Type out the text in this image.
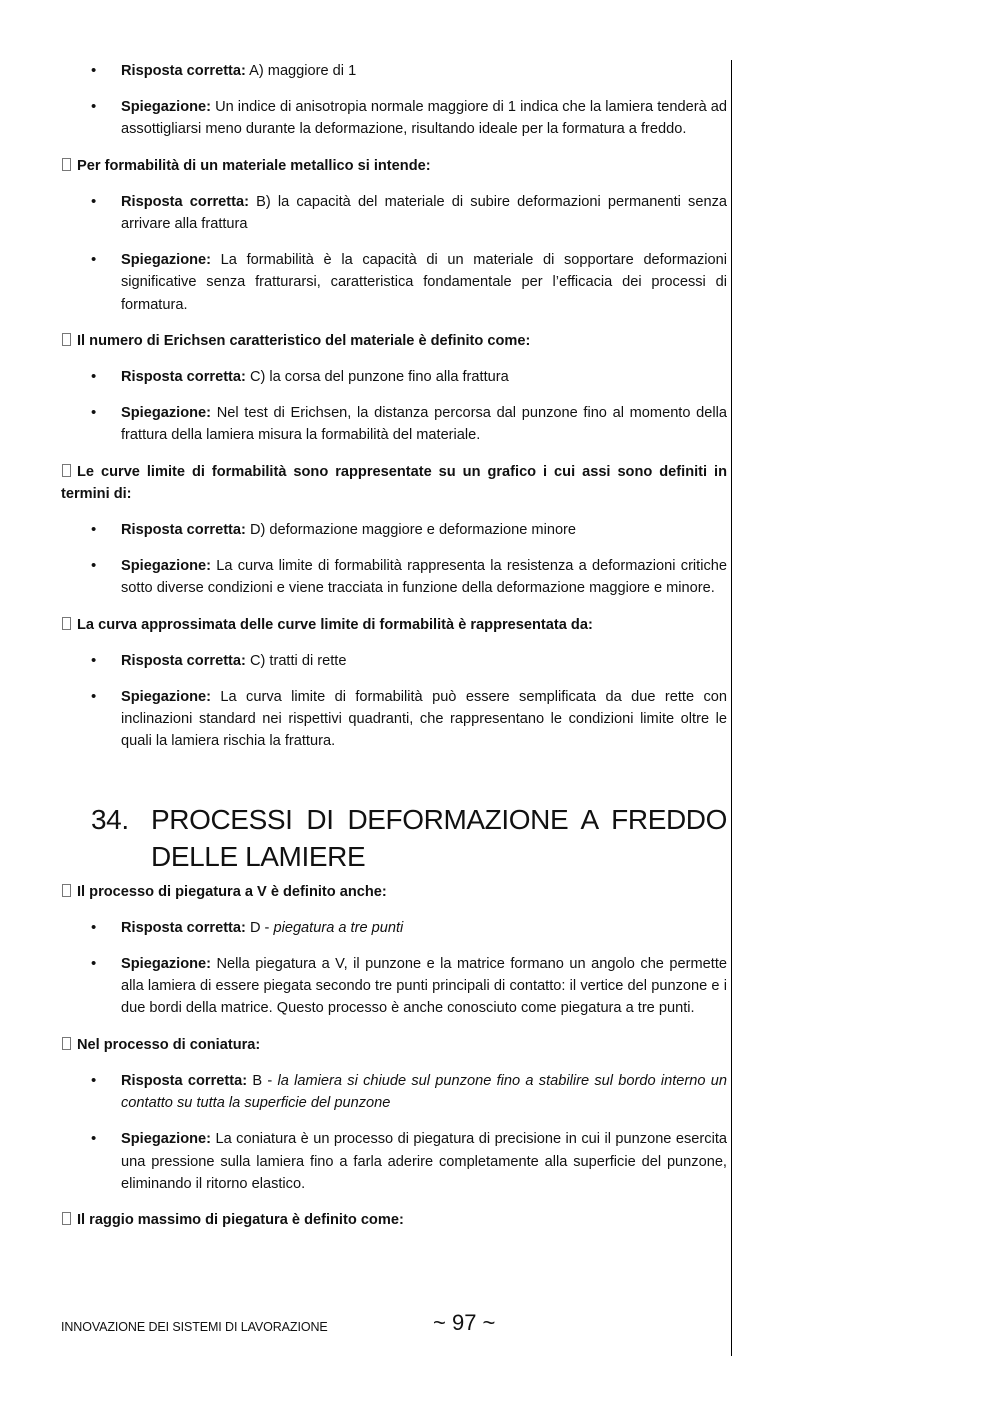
• Risposta corretta: A) maggiore di 1
• Spiegazione: Un indice di anisotropia normale maggiore di 1 indica che la lamiera tenderà ad assottigliarsi meno durante la deformazione, risultando ideale per la formatura a freddo.
Per formabilità di un materiale metallico si intende:
• Risposta corretta: B) la capacità del materiale di subire deformazioni permanenti senza arrivare alla frattura
• Spiegazione: La formabilità è la capacità di un materiale di sopportare deformazioni significative senza fratturarsi, caratteristica fondamentale per l’efficacia dei processi di formatura.
Il numero di Erichsen caratteristico del materiale è definito come:
• Risposta corretta: C) la corsa del punzone fino alla frattura
• Spiegazione: Nel test di Erichsen, la distanza percorsa dal punzone fino al momento della frattura della lamiera misura la formabilità del materiale.
Le curve limite di formabilità sono rappresentate su un grafico i cui assi sono definiti in termini di:
• Risposta corretta: D) deformazione maggiore e deformazione minore
• Spiegazione: La curva limite di formabilità rappresenta la resistenza a deformazioni critiche sotto diverse condizioni e viene tracciata in funzione della deformazione maggiore e minore.
La curva approssimata delle curve limite di formabilità è rappresentata da:
• Risposta corretta: C) tratti di rette
• Spiegazione: La curva limite di formabilità può essere semplificata da due rette con inclinazioni standard nei rispettivi quadranti, che rappresentano le condizioni limite oltre le quali la lamiera rischia la frattura.
34. PROCESSI DI DEFORMAZIONE A FREDDO
DELLE LAMIERE
Il processo di piegatura a V è definito anche:
• Risposta corretta: D - piegatura a tre punti
• Spiegazione: Nella piegatura a V, il punzone e la matrice formano un angolo che permette alla lamiera di essere piegata secondo tre punti principali di contatto: il vertice del punzone e i due bordi della matrice. Questo processo è anche conosciuto come piegatura a tre punti.
Nel processo di coniatura:
• Risposta corretta: B - la lamiera si chiude sul punzone fino a stabilire sul bordo interno un contatto su tutta la superficie del punzone
• Spiegazione: La coniatura è un processo di piegatura di precisione in cui il punzone esercita una pressione sulla lamiera fino a farla aderire completamente alla superficie del punzone, eliminando il ritorno elastico.
Il raggio massimo di piegatura è definito come:
INNOVAZIONE DEI SISTEMI DI LAVORAZIONE	~ 97 ~
